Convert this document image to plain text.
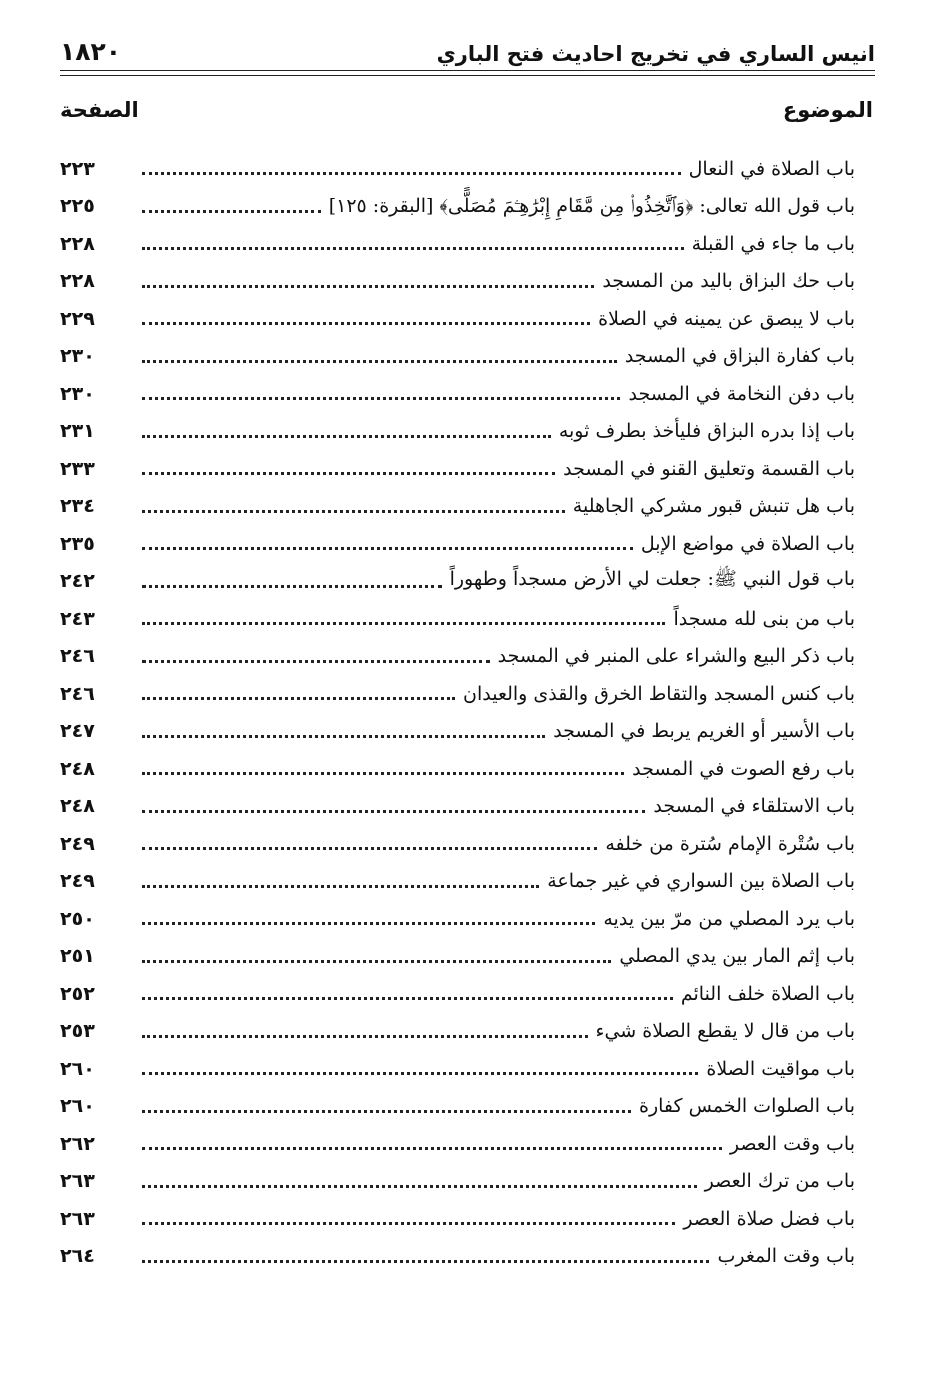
١٨٢٠	انيس الساري في تخريج احاديث فتح الباري
الموضوع
الصفحة
باب الصلاة في النعال
٢٢٣
باب قول الله تعالى: ﴿وَٱتَّخِذُوا۟ مِن مَّقَامِ إِبْرَٰهِـۧمَ مُصَلًّى﴾ [البقرة: ١٢٥]
٢٢٥
باب ما جاء في القبلة
٢٢٨
باب حك البزاق باليد من المسجد
٢٢٨
باب لا يبصق عن يمينه في الصلاة
٢٢٩
باب كفارة البزاق في المسجد
٢٣٠
باب دفن النخامة في المسجد
٢٣٠
باب إذا بدره البزاق فليأخذ بطرف ثوبه
٢٣١
باب القسمة وتعليق القنو في المسجد
٢٣٣
باب هل تنبش قبور مشركي الجاهلية
٢٣٤
باب الصلاة في مواضع الإبل
٢٣٥
باب قول النبي ﷺ: جعلت لي الأرض مسجداً وطهوراً
٢٤٢
باب من بنى لله مسجداً
٢٤٣
باب ذكر البيع والشراء على المنبر في المسجد
٢٤٦
باب كنس المسجد والتقاط الخرق والقذى والعيدان
٢٤٦
باب الأسير أو الغريم يربط في المسجد
٢٤٧
باب رفع الصوت في المسجد
٢٤٨
باب الاستلقاء في المسجد
٢٤٨
باب سُتْرة الإمام سُترة من خلفه
٢٤٩
باب الصلاة بين السواري في غير جماعة
٢٤٩
باب يرد المصلي من مرّ بين يديه
٢٥٠
باب إثم المار بين يدي المصلي
٢٥١
باب الصلاة خلف النائم
٢٥٢
باب من قال لا يقطع الصلاة شيء
٢٥٣
باب مواقيت الصلاة
٢٦٠
باب الصلوات الخمس كفارة
٢٦٠
باب وقت العصر
٢٦٢
باب من ترك العصر
٢٦٣
باب فضل صلاة العصر
٢٦٣
باب وقت المغرب
٢٦٤
